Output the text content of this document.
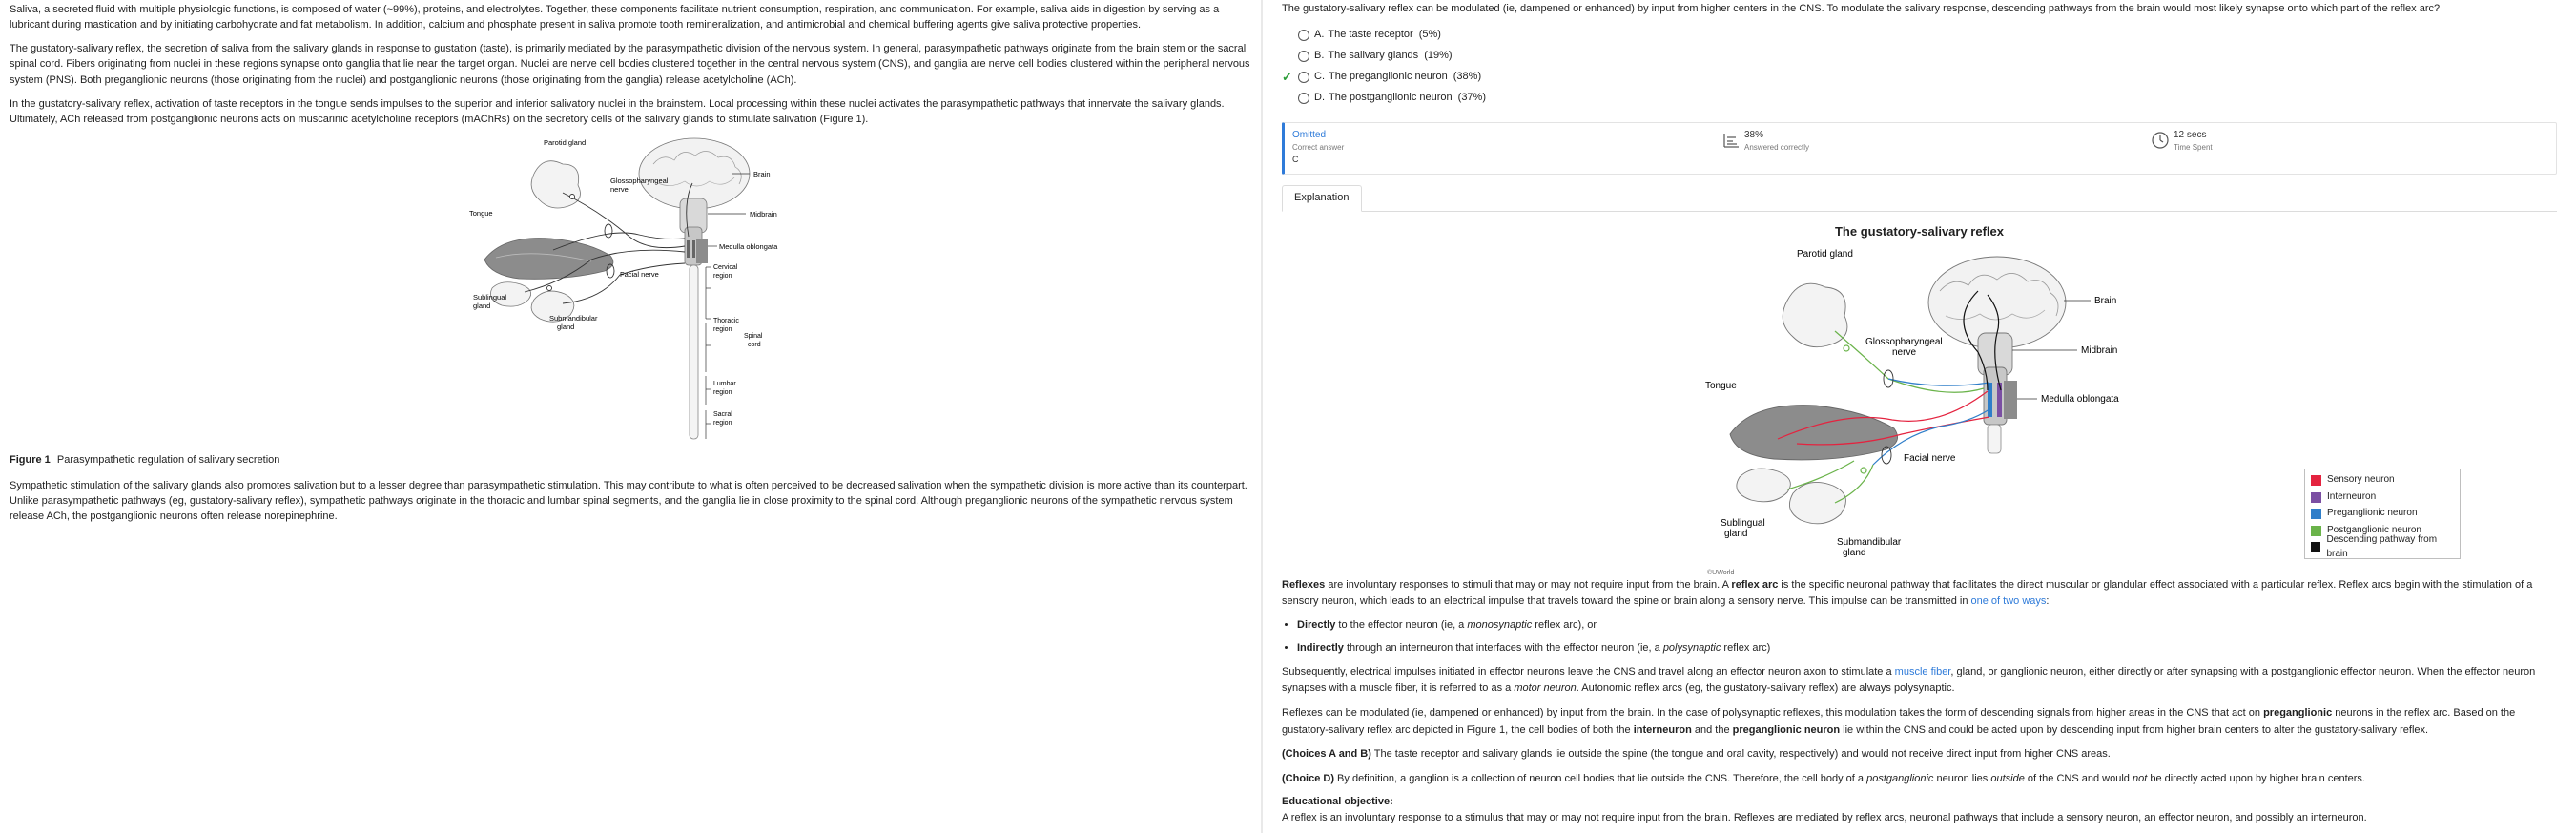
Saliva, a secreted fluid with multiple physiologic functions, is composed of water (~99%), proteins, and electrolytes. Together, these components facilitate nutrient consumption, respiration, and communication. For example, saliva aids in digestion by serving as a lubricant during mastication and by initiating carbohydrate and fat metabolism. In addition, calcium and phosphate present in saliva promote tooth remineralization, and antimicrobial and chemical buffering agents give saliva protective properties.

The gustatory-salivary reflex, the secretion of saliva from the salivary glands in response to gustation (taste), is primarily mediated by the parasympathetic division of the nervous system. In general, parasympathetic pathways originate from the brain stem or the sacral spinal cord. Fibers originating from nuclei in these regions synapse onto ganglia that lie near the target organ. Nuclei are nerve cell bodies clustered together in the central nervous system (CNS), and ganglia are nerve cell bodies clustered within the peripheral nervous system (PNS). Both preganglionic neurons (those originating from the nuclei) and postganglionic neurons (those originating from the ganglia) release acetylcholine (ACh).

In the gustatory-salivary reflex, activation of taste receptors in the tongue sends impulses to the superior and inferior salivatory nuclei in the brainstem. Local processing within these nuclei activates the parasympathetic pathways that innervate the salivary glands. Ultimately, ACh released from postganglionic neurons acts on muscarinic acetylcholine receptors (mAChRs) on the secretory cells of the salivary glands to stimulate salivation (Figure 1).

Parotid gland
Brain
Glossopharyngeal
nerve
Midbrain
Tongue
Medulla oblongata
Cervical
region
Facial nerve
Sublingual
gland
Submandibular
gland
Thoracic
region
Spinal
cord
Lumbar
region
Sacral
region

Figure 1 Parasympathetic regulation of salivary secretion

Sympathetic stimulation of the salivary glands also promotes salivation but to a lesser degree than parasympathetic stimulation. This may contribute to what is often perceived to be decreased salivation when the sympathetic division is more active than its counterpart. Unlike parasympathetic pathways (eg, gustatory-salivary reflex), sympathetic pathways originate in the thoracic and lumbar spinal segments, and the ganglia lie in close proximity to the spinal cord. Although preganglionic neurons of the sympathetic nervous system release ACh, the postganglionic neurons often release norepinephrine.

The gustatory-salivary reflex can be modulated (ie, dampened or enhanced) by input from higher centers in the CNS. To modulate the salivary response, descending pathways from the brain would most likely synapse onto which part of the reflex arc?

A. The taste receptor (5%)
B. The salivary glands (19%)
✓ C. The preganglionic neuron (38%)
D. The postganglionic neuron (37%)
Omitted
Correct answer
C
38%
Answered correctly
12 secs
Time Spent
Explanation
The gustatory-salivary reflex
Parotid gland
Brain
Glossopharyngeal
nerve	Midbrain
Tongue
Medulla oblongata
Facial nerve
Sublingual
gland
Submandibular
gland
©UWorld
Sensory neuron
Interneuron
Preganglionic neuron
Postganglionic neuron
Descending pathway from brain

Reflexes are involuntary responses to stimuli that may or may not require input from the brain. A reflex arc is the specific neuronal pathway that facilitates the direct muscular or glandular effect associated with a particular reflex. Reflex arcs begin with the stimulation of a sensory neuron, which leads to an electrical impulse that travels toward the spine or brain along a sensory nerve. This impulse can be transmitted in one of two ways:

• Directly to the effector neuron (ie, a monosynaptic reflex arc), or
• Indirectly through an interneuron that interfaces with the effector neuron (ie, a polysynaptic reflex arc)

Subsequently, electrical impulses initiated in effector neurons leave the CNS and travel along an effector neuron axon to stimulate a muscle fiber, gland, or ganglionic neuron, either directly or after synapsing with a postganglionic effector neuron. When the effector neuron synapses with a muscle fiber, it is referred to as a motor neuron. Autonomic reflex arcs (eg, the gustatory-salivary reflex) are always polysynaptic.

Reflexes can be modulated (ie, dampened or enhanced) by input from the brain. In the case of polysynaptic reflexes, this modulation takes the form of descending signals from higher areas in the CNS that act on preganglionic neurons in the reflex arc. Based on the gustatory-salivary reflex arc depicted in Figure 1, the cell bodies of both the interneuron and the preganglionic neuron lie within the CNS and could be acted upon by descending input from higher brain centers to alter the gustatory-salivary reflex.

(Choices A and B) The taste receptor and salivary glands lie outside the spine (the tongue and oral cavity, respectively) and would not receive direct input from higher CNS areas.

(Choice D) By definition, a ganglion is a collection of neuron cell bodies that lie outside the CNS. Therefore, the cell body of a postganglionic neuron lies outside of the CNS and would not be directly acted upon by higher brain centers.

Educational objective:

A reflex is an involuntary response to a stimulus that may or may not require input from the brain. Reflexes are mediated by reflex arcs, neuronal pathways that include a sensory neuron, an effector neuron, and possibly an interneuron.
